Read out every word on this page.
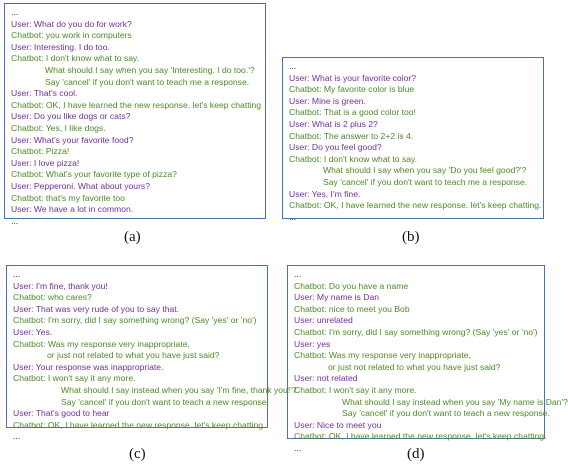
...
User: What do you do for work?
Chatbot: you work in computers
User: Interesting. I do too.
Chatbot: I don't know what to say.
What should I say when you say 'Interesting. I do too.'?
Say 'cancel' if you don't want to teach me a response.
User: That's cool.
Chatbot: OK, I have learned the new response. let's keep chatting
User: Do you like dogs or cats?
Chatbot: Yes, I like dogs.
User: What's your favorite food?
Chatbot: Pizza!
User: I love pizza!
Chatbot: What's your favorite type of pizza?
User: Pepperoni. What about yours?
Chatbot: that's my favorite too
User: We have a lot in common.
...
...
User: What is your favorite color?
Chatbot: My favorite color is blue
User: Mine is green.
Chatbot: That is a good color too!
User: What is 2 plus 2?
Chatbot: The answer to 2+2 is 4.
User: Do you feel good?
Chatbot: I don't know what to say.
What should I say when you say 'Do you feel good?'?
Say 'cancel' if you don't want to teach me a response.
User: Yes, I'm fine.
Chatbot: OK, I have learned the new response. let's keep chatting.
...
...
User: I'm fine, thank you!
Chatbot: who cares?
User: That was very rude of you to say that.
Chatbot: I'm sorry, did I say something wrong? (Say 'yes' or 'no')
User: Yes.
Chatbot: Was my response very inappropriate,
or just not related to what you have just said?
User: Your response was inappropriate.
Chatbot: I won't say it any more.
What should I say instead when you say 'I'm fine, thank you!'?
Say 'cancel' if you don't want to teach a new response.
User: That's good to hear
Chatbot: OK, I have learned the new response. let's keep chatting.
...
...
Chatbot: Do you have a name
User: My name is Dan
Chatbot: nice to meet you Bob
User: unrelated
Chatbot: I'm sorry, did I say something wrong? (Say 'yes' or 'no')
User: yes
Chatbot: Was my response very inappropriate,
or just not related to what you have just said?
User: not related
Chatbot: I won't say it any more.
What should I say instead when you say 'My name is Dan'?
Say 'cancel' if you don't want to teach a new response.
User: Nice to meet you
Chatbot: OK, I have learned the new response. let's keep chatting.
...
(a)	(b)
(c)	(d)
